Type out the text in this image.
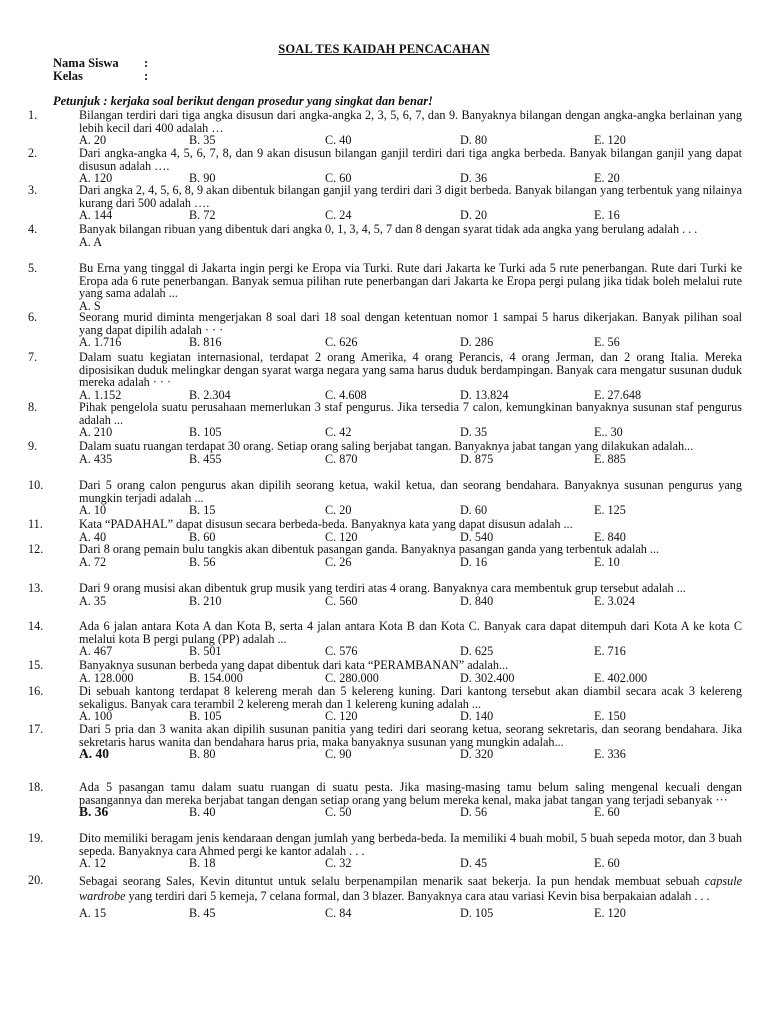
SOAL TES KAIDAH PENCACAHAN
Nama Siswa :
Kelas	:
Petunjuk : kerjaka soal berikut dengan prosedur yang singkat dan benar!
1.	Bilangan terdiri dari tiga angka disusun dari angka-angka 2, 3, 5, 6, 7, dan 9. Banyaknya bilangan dengan angka-angka berlainan yang lebih kecil dari 400 adalah …
A. 20	B. 35	C. 40	D. 80	E. 120
2.	Dari angka-angka 4, 5, 6, 7, 8, dan 9 akan disusun bilangan ganjil terdiri dari tiga angka berbeda. Banyak bilangan ganjil yang dapat disusun adalah ….
A. 120	B. 90	C. 60	D. 36	E. 20
3.	Dari angka 2, 4, 5, 6, 8, 9 akan dibentuk bilangan ganjil yang terdiri dari 3 digit berbeda. Banyak bilangan yang terbentuk yang nilainya kurang dari 500 adalah ….
A. 144	B. 72	C. 24	D. 20	E. 16
4.	Banyak bilangan ribuan yang dibentuk dari angka 0, 1, 3, 4, 5, 7 dan 8 dengan syarat tidak ada angka yang berulang adalah . . .
A. A
5.	Bu Erna yang tinggal di Jakarta ingin pergi ke Eropa via Turki. Rute dari Jakarta ke Turki ada 5 rute penerbangan. Rute dari Turki ke Eropa ada 6 rute penerbangan. Banyak semua pilihan rute penerbangan dari Jakarta ke Eropa pergi pulang jika tidak boleh melalui rute yang sama adalah ...
A. S
6.	Seorang murid diminta mengerjakan 8 soal dari 18 soal dengan ketentuan nomor 1 sampai 5 harus dikerjakan. Banyak pilihan soal yang dapat dipilih adalah · · ·
A. 1.716	B. 816	C. 626	D. 286	E. 56
7.	Dalam suatu kegiatan internasional, terdapat 2 orang Amerika, 4 orang Perancis, 4 orang Jerman, dan 2 orang Italia. Mereka diposisikan duduk melingkar dengan syarat warga negara yang sama harus duduk berdampingan. Banyak cara mengatur susunan duduk mereka adalah · · ·
A. 1.152	B. 2.304	C. 4.608	D. 13.824	E. 27.648
8.	Pihak pengelola suatu perusahaan memerlukan 3 staf pengurus. Jika tersedia 7 calon, kemungkinan banyaknya susunan staf pengurus adalah ...
A. 210	B. 105	C. 42	D. 35	E.. 30
9.	Dalam suatu ruangan terdapat 30 orang. Setiap orang saling berjabat tangan. Banyaknya jabat tangan yang dilakukan adalah...
A. 435	B. 455	C. 870	D. 875	E. 885
10.	Dari 5 orang calon pengurus akan dipilih seorang ketua, wakil ketua, dan seorang bendahara. Banyaknya susunan pengurus yang mungkin terjadi adalah ...
A. 10	B. 15	C. 20	D. 60	E. 125
11.	Kata “PADAHAL” dapat disusun secara berbeda-beda. Banyaknya kata yang dapat disusun adalah ...
A. 40	B. 60	C. 120	D. 540	E. 840
12.	Dari 8 orang pemain bulu tangkis akan dibentuk pasangan ganda. Banyaknya pasangan ganda yang terbentuk adalah ...
A. 72	B. 56	C. 26	D. 16	E. 10
13.	Dari 9 orang musisi akan dibentuk grup musik yang terdiri atas 4 orang. Banyaknya cara membentuk grup tersebut adalah ...
A. 35	B. 210	C. 560	D. 840	E. 3.024
14.	Ada 6 jalan antara Kota A dan Kota B, serta 4 jalan antara Kota B dan Kota C. Banyak cara dapat ditempuh dari Kota A ke kota C melalui kota B pergi pulang (PP) adalah ...
A. 467	B. 501	C. 576	D. 625	E. 716
15.	Banyaknya susunan berbeda yang dapat dibentuk dari kata “PERAMBANAN” adalah...
A. 128.000	B. 154.000	C. 280.000	D. 302.400	E. 402.000
16.	Di sebuah kantong terdapat 8 kelereng merah dan 5 kelereng kuning. Dari kantong tersebut akan diambil secara acak 3 kelereng sekaligus. Banyak cara terambil 2 kelereng merah dan 1 kelereng kuning adalah ...
A. 100	B. 105	C. 120	D. 140	E. 150
17.	Dari 5 pria dan 3 wanita akan dipilih susunan panitia yang tediri dari seorang ketua, seorang sekretaris, dan seorang bendahara. Jika sekretaris harus wanita dan bendahara harus pria, maka banyaknya susunan yang mungkin adalah...
A. 40	B. 80	C. 90	D. 320	E. 336
18.	Ada 5 pasangan tamu dalam suatu ruangan di suatu pesta. Jika masing-masing tamu belum saling mengenal kecuali dengan pasangannya dan mereka berjabat tangan dengan setiap orang yang belum mereka kenal, maka jabat tangan yang terjadi sebanyak ···
B. 36	B. 40	C. 50	D. 56	E. 60
19.	Dito memiliki beragam jenis kendaraan dengan jumlah yang berbeda-beda. Ia memiliki 4 buah mobil, 5 buah sepeda motor, dan 3 buah sepeda. Banyaknya cara Ahmed pergi ke kantor adalah . . .
A. 12	B. 18	C. 32	D. 45	E. 60
20.	Sebagai seorang Sales, Kevin dituntut untuk selalu berpenampilan menarik saat bekerja. Ia pun hendak membuat sebuah capsule wardrobe yang terdiri dari 5 kemeja, 7 celana formal, dan 3 blazer. Banyaknya cara atau variasi Kevin bisa berpakaian adalah . . .
A. 15	B. 45	C. 84	D. 105	E. 120
